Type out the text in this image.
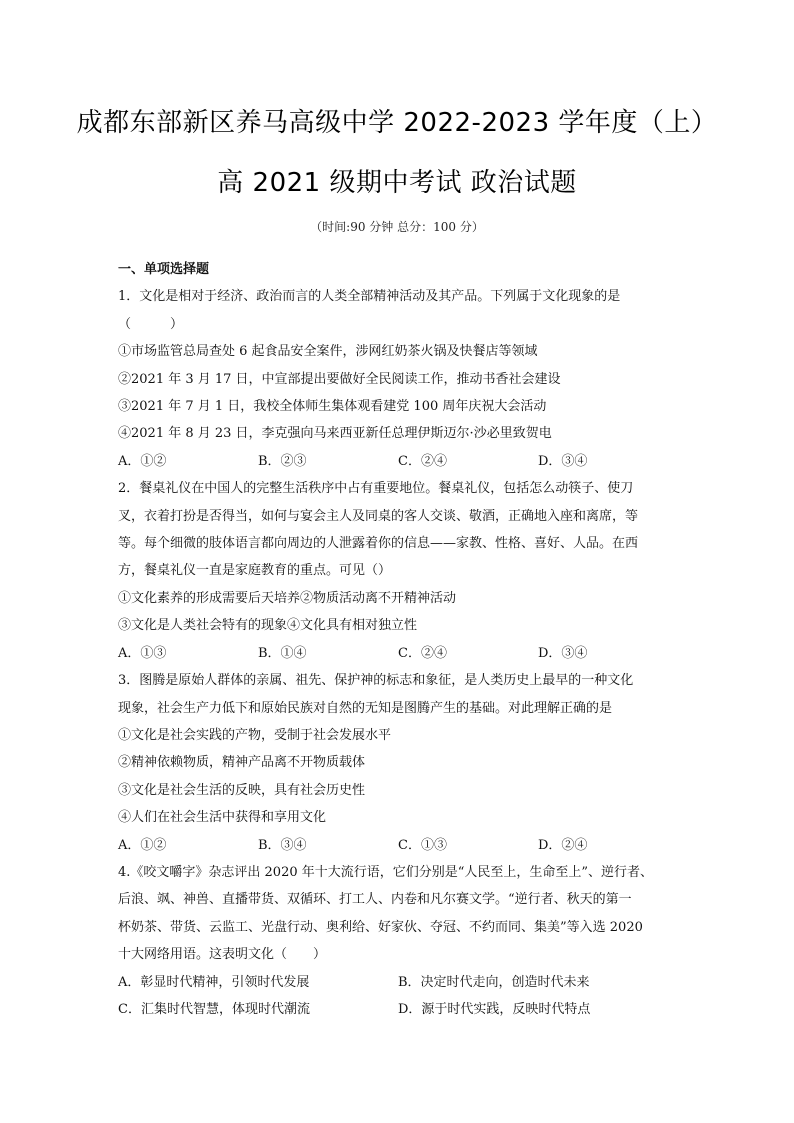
成都东部新区养马高级中学 2022-2023 学年度（上）
高 2021 级期中考试 政治试题
（时间:90 分钟 总分：100 分）
一、单项选择题
1．文化是相对于经济、政治而言的人类全部精神活动及其产品。下列属于文化现象的是
（　　　）
①市场监管总局查处 6 起食品安全案件，涉网红奶茶火锅及快餐店等领域
②2021 年 3 月 17 日，中宣部提出要做好全民阅读工作，推动书香社会建设
③2021 年 7 月 1 日，我校全体师生集体观看建党 100 周年庆祝大会活动
④2021 年 8 月 23 日，李克强向马来西亚新任总理伊斯迈尔·沙必里致贺电
A．①②	B．②③	C．②④	D．③④
2．餐桌礼仪在中国人的完整生活秩序中占有重要地位。餐桌礼仪，包括怎么动筷子、使刀
叉，衣着打扮是否得当，如何与宴会主人及同桌的客人交谈、敬酒，正确地入座和离席，等
等。每个细微的肢体语言都向周边的人泄露着你的信息——家教、性格、喜好、人品。在西
方，餐桌礼仪一直是家庭教育的重点。可见（）
①文化素养的形成需要后天培养②物质活动离不开精神活动
③文化是人类社会特有的现象④文化具有相对独立性
A．①③	B．①④	C．②④	D．③④
3．图腾是原始人群体的亲属、祖先、保护神的标志和象征，是人类历史上最早的一种文化
现象，社会生产力低下和原始民族对自然的无知是图腾产生的基础。对此理解正确的是
①文化是社会实践的产物，受制于社会发展水平
②精神依赖物质，精神产品离不开物质载体
③文化是社会生活的反映，具有社会历史性
④人们在社会生活中获得和享用文化
A．①②	B．③④	C．①③	D．②④
4.《咬文嚼字》杂志评出 2020 年十大流行语，它们分别是“人民至上，生命至上”、逆行者、
后浪、飒、神兽、直播带货、双循环、打工人、内卷和凡尔赛文学。“逆行者、秋天的第一
杯奶茶、带货、云监工、光盘行动、奥利给、好家伙、夺冠、不约而同、集美”等入选 2020
十大网络用语。这表明文化（　　）
A．彰显时代精神，引领时代发展	B．决定时代走向，创造时代未来
C．汇集时代智慧，体现时代潮流	D．源于时代实践，反映时代特点
